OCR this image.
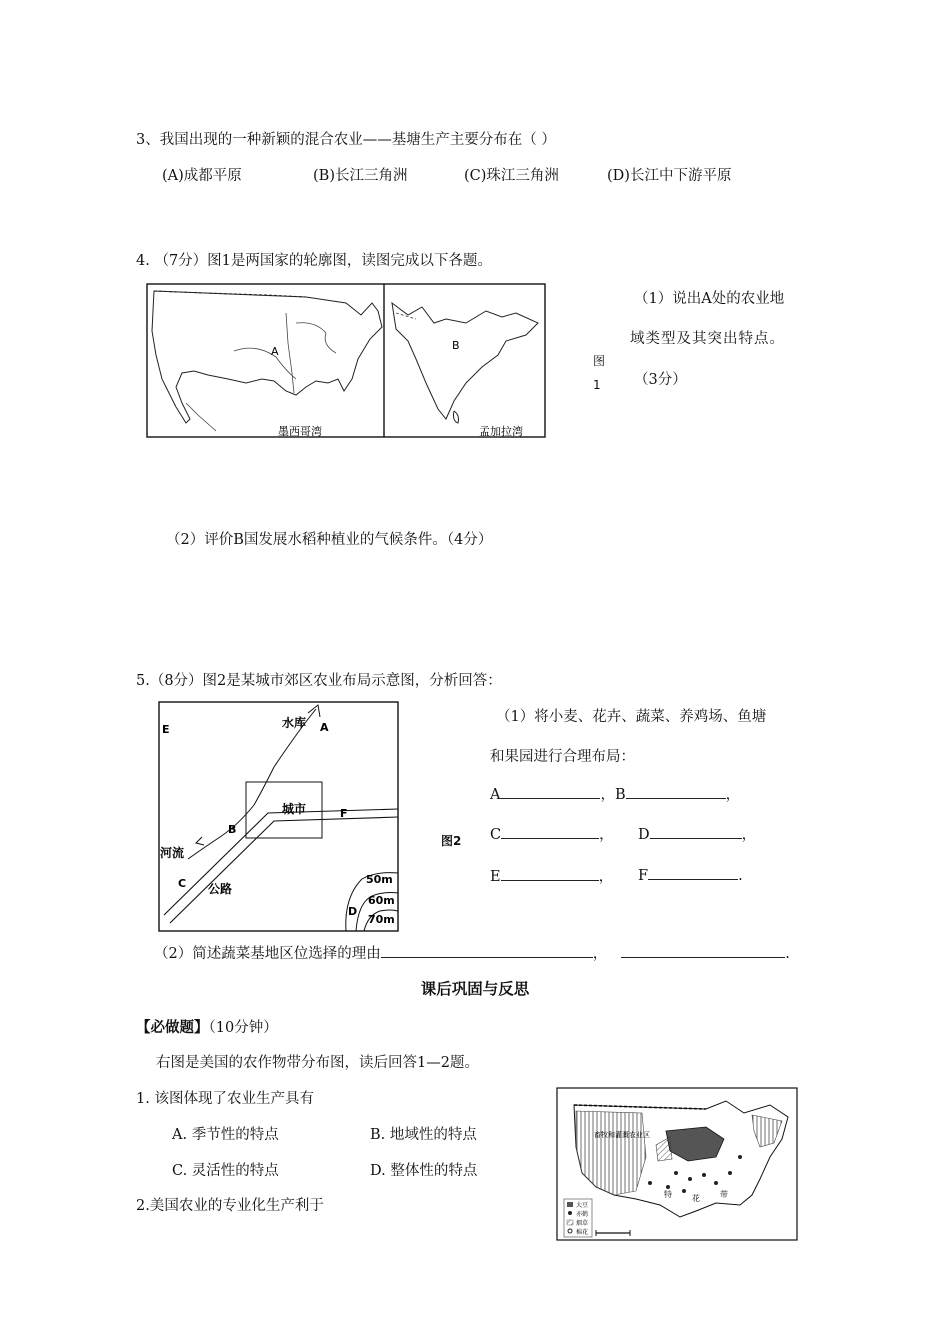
3、我国出现的一种新颖的混合农业——基塘生产主要分布在（ ）
(A)成都平原	(B)长江三角洲	(C)珠江三角洲	(D)长江中下游平原
4. （7分）图1是两国家的轮廓图，读图完成以下各题。
A	B
墨西哥湾	孟加拉湾
图
1
（1）说出A处的农业地
域类型及其突出特点。
（3分）
（2）评价B国发展水稻种植业的气候条件。（4分）
5.（8分）图2是某城市郊区农业布局示意图，分析回答：
水库 A
E
城市	F
B
河流
C 公路
50m
60m
70m
D
图2
（1）将小麦、花卉、蔬菜、养鸡场、鱼塘
和果园进行合理布局：
A	，B	，
C	， D	，
E	， F	.
（2）简述蔬菜基地区位选择的理由	，	.
课后巩固与反思
【必做题】（10分钟）
右图是美国的农作物带分布图，读后回答1—2题。
1. 该图体现了农业生产具有
A. 季节性的特点	B. 地域性的特点
C. 灵活性的特点	D. 整体性的特点
2.美国农业的专业化生产利于
畜牧和灌溉农业区
特	花	带
大豆
亦鹤
烟草
棉花
